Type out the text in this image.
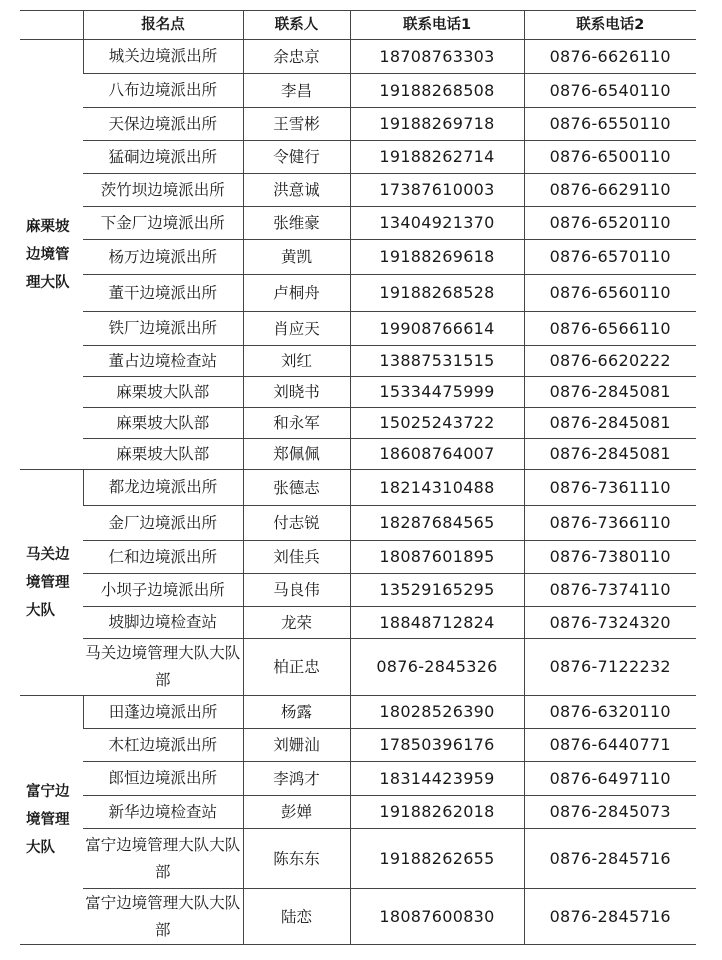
	报名点	联系人	联系电话1	联系电话2
麻栗坡边境管理大队	城关边境派出所	余忠京	18708763303	0876-6626110
	八布边境派出所	李昌	19188268508	0876-6540110
	天保边境派出所	王雪彬	19188269718	0876-6550110
	猛硐边境派出所	令健行	19188262714	0876-6500110
	茨竹坝边境派出所	洪意诚	17387610003	0876-6629110
	下金厂边境派出所	张维豪	13404921370	0876-6520110
	杨万边境派出所	黄凯	19188269618	0876-6570110
	董干边境派出所	卢桐舟	19188268528	0876-6560110
	铁厂边境派出所	肖应天	19908766614	0876-6566110
	董占边境检查站	刘红	13887531515	0876-6620222
	麻栗坡大队部	刘晓书	15334475999	0876-2845081
	麻栗坡大队部	和永军	15025243722	0876-2845081
	麻栗坡大队部	郑佩佩	18608764007	0876-2845081
马关边境管理大队	都龙边境派出所	张德志	18214310488	0876-7361110
	金厂边境派出所	付志锐	18287684565	0876-7366110
	仁和边境派出所	刘佳兵	18087601895	0876-7380110
	小坝子边境派出所	马良伟	13529165295	0876-7374110
	坡脚边境检查站	龙荣	18848712824	0876-7324320
	马关边境管理大队大队部	柏正忠	0876-2845326	0876-7122232
富宁边境管理大队	田蓬边境派出所	杨露	18028526390	0876-6320110
	木杠边境派出所	刘姗汕	17850396176	0876-6440771
	郎恒边境派出所	李鸿才	18314423959	0876-6497110
	新华边境检查站	彭婵	19188262018	0876-2845073
	富宁边境管理大队大队部	陈东东	19188262655	0876-2845716
	富宁边境管理大队大队部	陆恋	18087600830	0876-2845716
